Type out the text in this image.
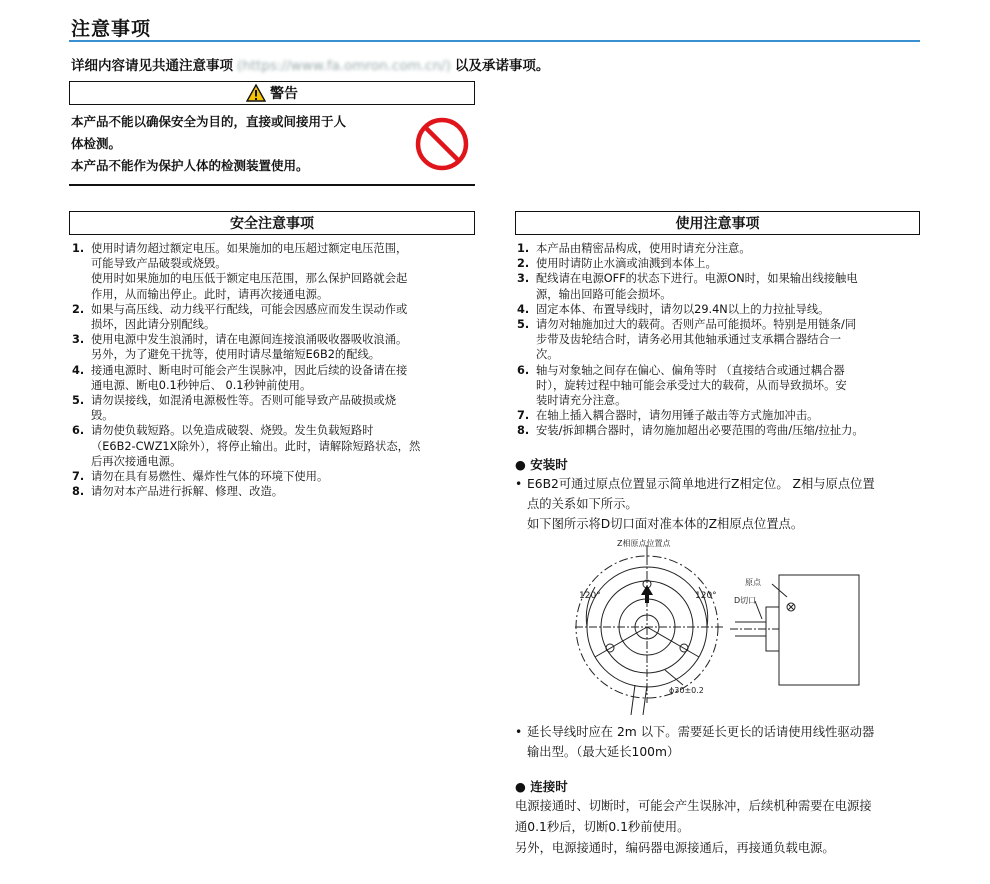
注意事项
详细内容请见共通注意事项 (https://www.fa.omron.com.cn/) 以及承诺事项。
警告
本产品不能以确保安全为目的，直接或间接用于人
体检测。
本产品不能作为保护人体的检测装置使用。
安全注意事项
1. 使用时请勿超过额定电压。如果施加的电压超过额定电压范围，
可能导致产品破裂或烧毁。
使用时如果施加的电压低于额定电压范围，那么保护回路就会起
作用，从而输出停止。此时，请再次接通电源。
2. 如果与高压线、动力线平行配线，可能会因感应而发生误动作或
损坏，因此请分别配线。
3. 使用电源中发生浪涌时，请在电源间连接浪涌吸收器吸收浪涌。
另外，为了避免干扰等，使用时请尽量缩短E6B2的配线。
4. 接通电源时、断电时可能会产生误脉冲，因此后续的设备请在接
通电源、断电0.1秒钟后、 0.1秒钟前使用。
5. 请勿误接线，如混淆电源极性等。否则可能导致产品破损或烧
毁。
6. 请勿使负载短路。以免造成破裂、烧毁。发生负载短路时
（E6B2-CWZ1X除外），将停止输出。此时，请解除短路状态，然
后再次接通电源。
7. 请勿在具有易燃性、爆炸性气体的环境下使用。
8. 请勿对本产品进行拆解、修理、改造。
使用注意事项
1. 本产品由精密品构成，使用时请充分注意。
2. 使用时请防止水滴或油溅到本体上。
3. 配线请在电源OFF的状态下进行。电源ON时，如果输出线接触电
源，输出回路可能会损坏。
4. 固定本体、布置导线时，请勿以29.4N以上的力拉扯导线。
5. 请勿对轴施加过大的载荷。否则产品可能损坏。特别是用链条/同
步带及齿轮结合时，请务必用其他轴承通过支承耦合器结合一
次。
6. 轴与对象轴之间存在偏心、偏角等时 （直接结合或通过耦合器
时），旋转过程中轴可能会承受过大的载荷，从而导致损坏。安
装时请充分注意。
7. 在轴上插入耦合器时，请勿用锤子敲击等方式施加冲击。
8. 安装/拆卸耦合器时，请勿施加超出必要范围的弯曲/压缩/拉扯力。
● 安装时
• E6B2可通过原点位置显示简单地进行Z相定位。 Z相与原点位置
点的关系如下所示。
如下图所示将D切口面对准本体的Z相原点位置点。
Z相原点位置点
120°	120°
原点
D切口
ϕ30±0.2
• 延长导线时应在 2m 以下。需要延长更长的话请使用线性驱动器
输出型。（最大延长100m）
● 连接时
电源接通时、切断时，可能会产生误脉冲，后续机种需要在电源接
通0.1秒后，切断0.1秒前使用。
另外，电源接通时，编码器电源接通后，再接通负载电源。
